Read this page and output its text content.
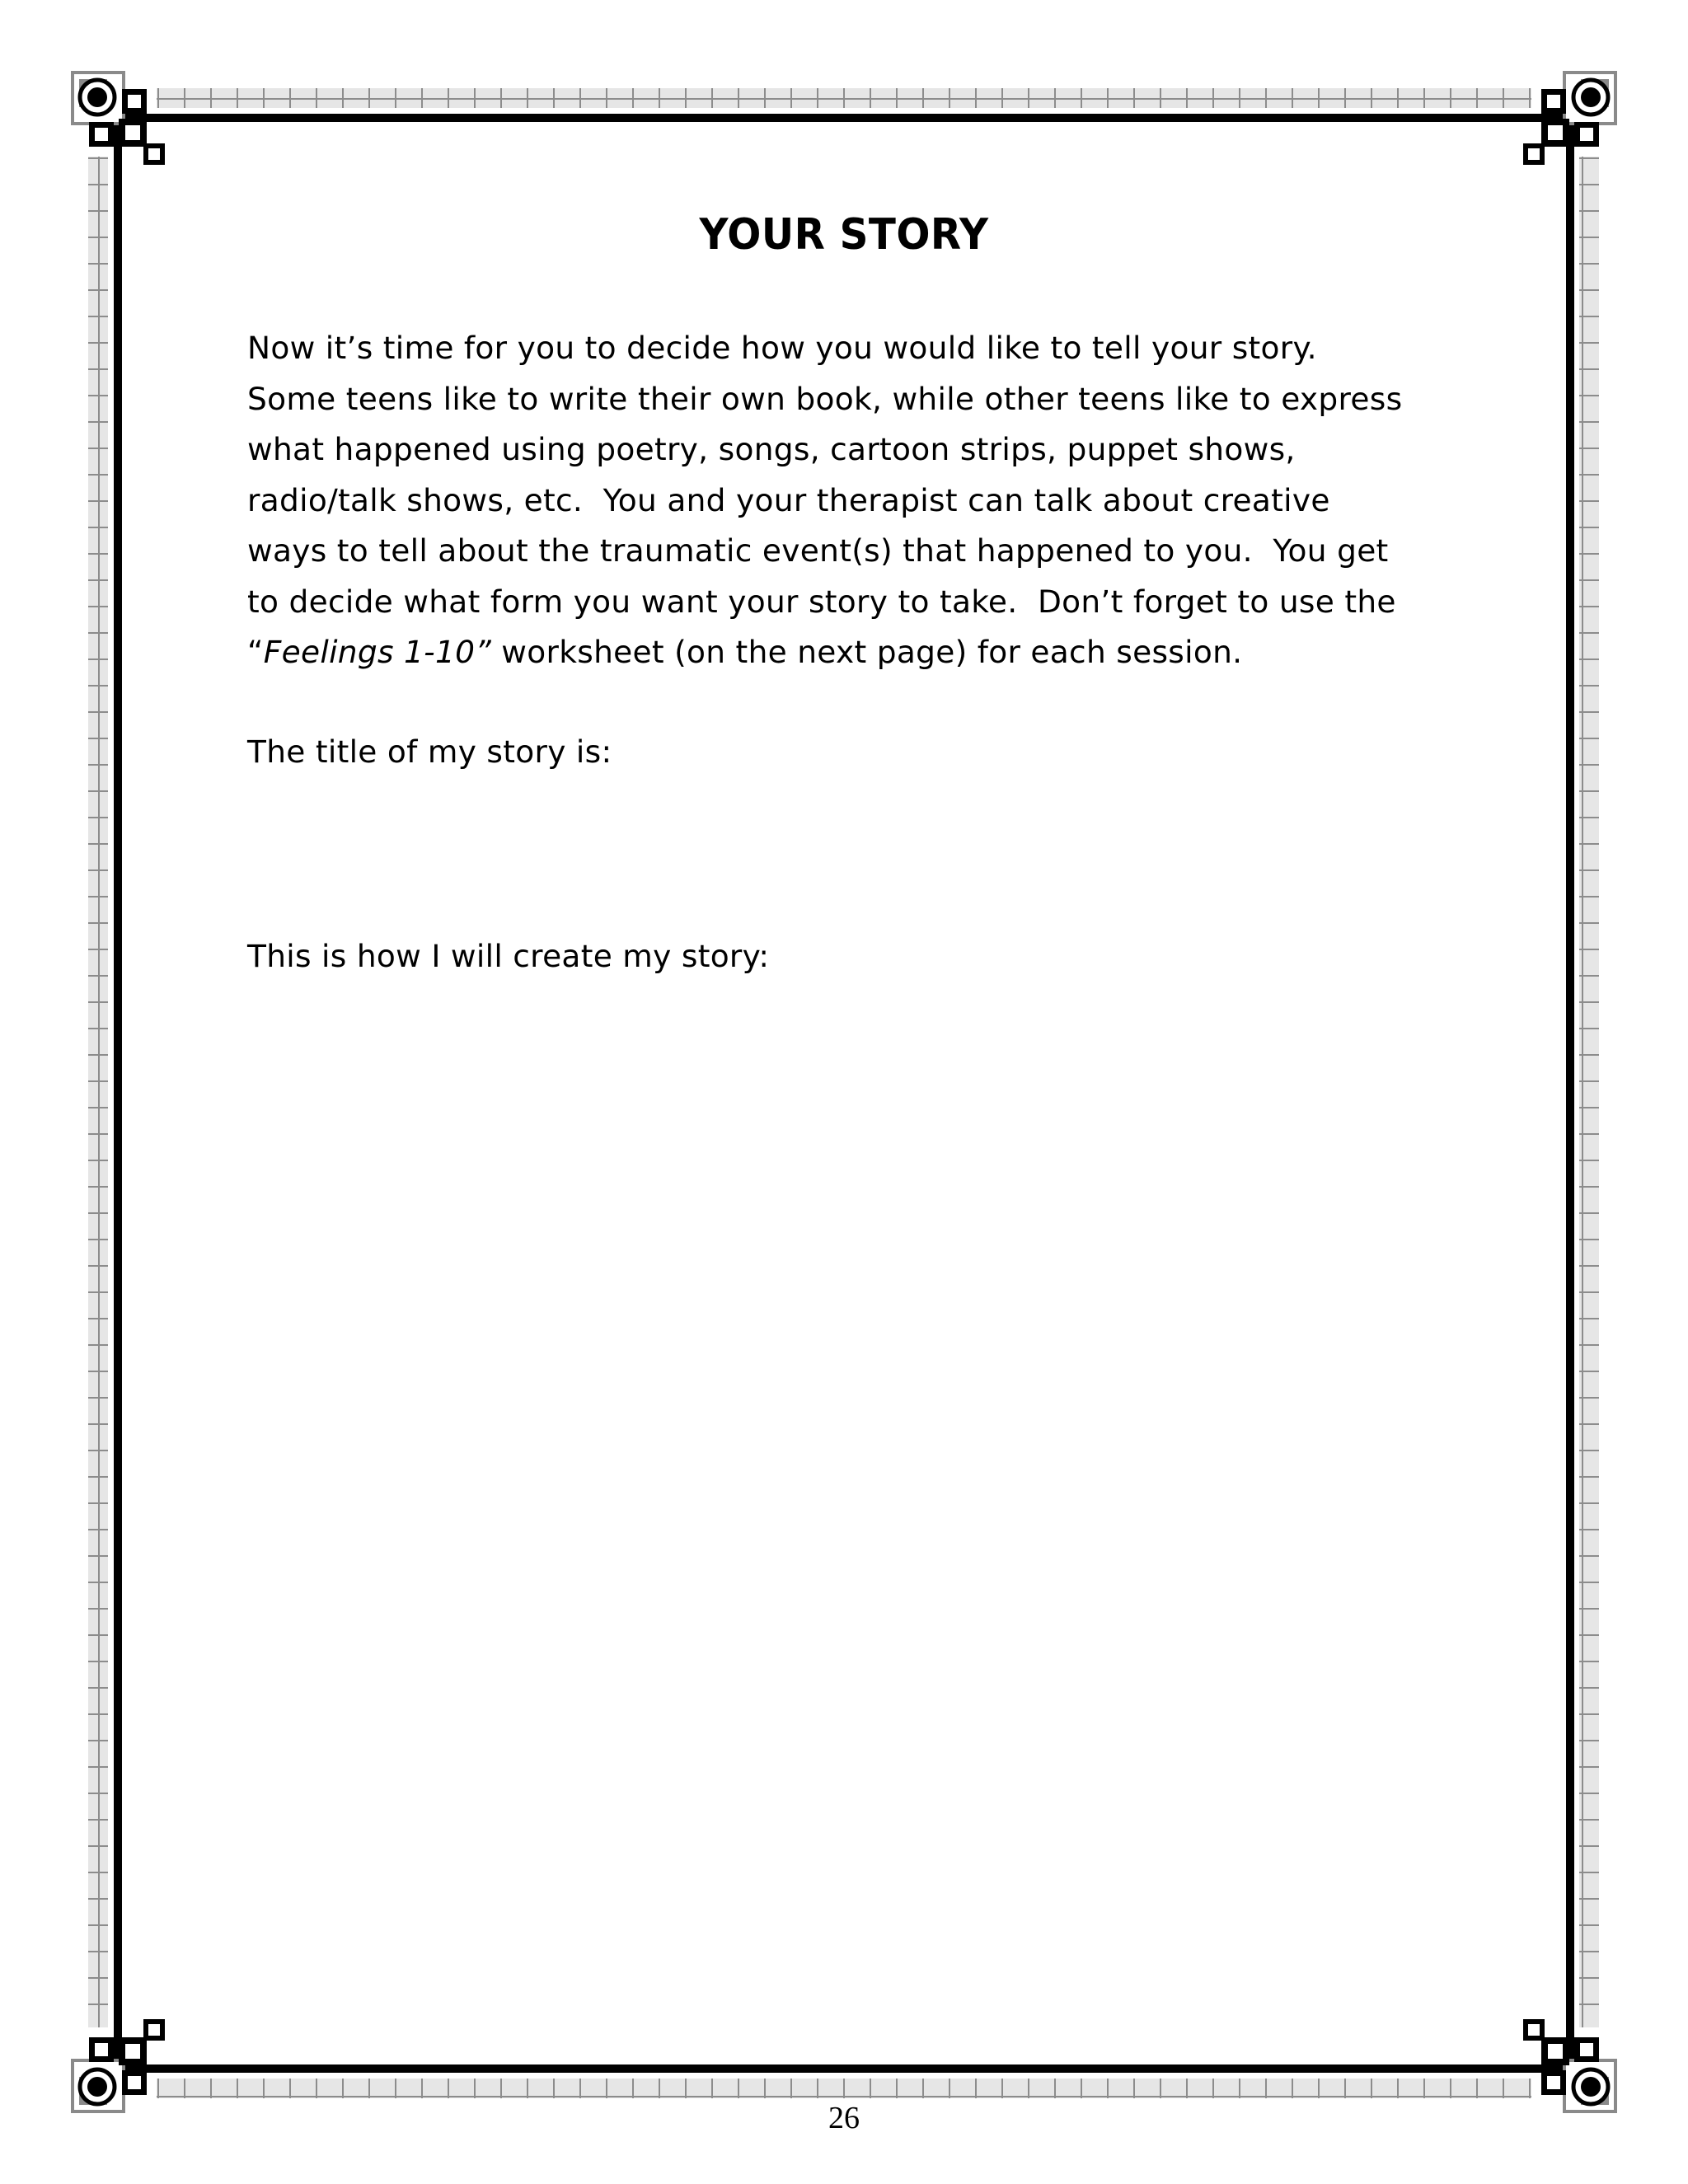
YOUR STORY
Now it’s time for you to decide how you would like to tell your story.
Some teens like to write their own book, while other teens like to express
what happened using poetry, songs, cartoon strips, puppet shows,
radio/talk shows, etc.  You and your therapist can talk about creative
ways to tell about the traumatic event(s) that happened to you.  You get
to decide what form you want your story to take.  Don’t forget to use the
“Feelings 1-10” worksheet (on the next page) for each session.
The title of my story is:
This is how I will create my story:
26
